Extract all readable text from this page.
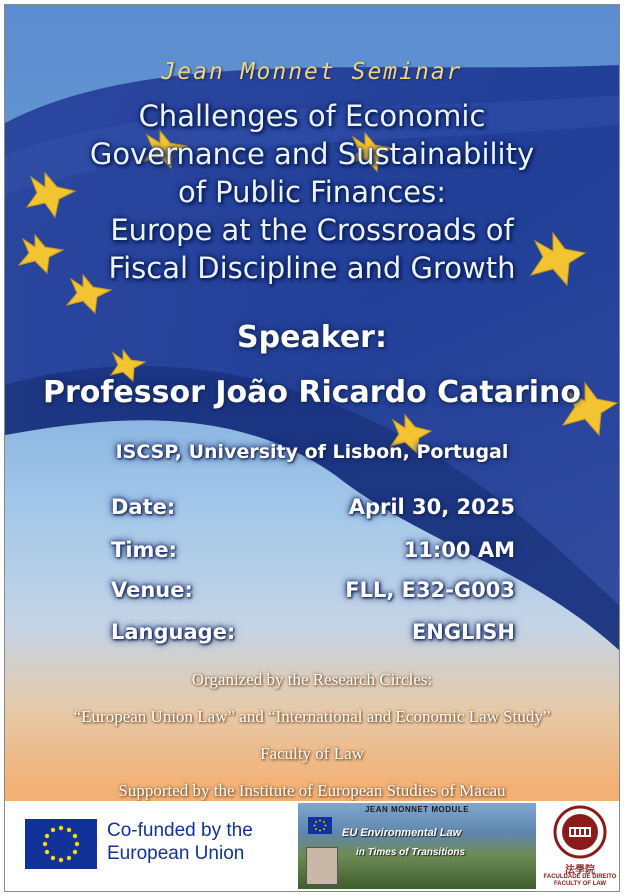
Jean Monnet Seminar
Challenges of Economic
Governance and Sustainability
of Public Finances:
Europe at the Crossroads of
Fiscal Discipline and Growth
Speaker:
Professor João Ricardo Catarino
ISCSP, University of Lisbon, Portugal
Date:	April 30, 2025
Time:	11:00 AM
Venue:	FLL, E32-G003
Language:	ENGLISH
Organized by the Research Circles:
“European Union Law” and “International and Economic Law Study”
Faculty of Law
Supported by the Institute of European Studies of Macau
Co-funded by the
European Union
JEAN MONNET MODULE
EU Environmental Law
in Times of Transitions
法學院
FACULDADE DE DIREITO
FACULTY OF LAW
